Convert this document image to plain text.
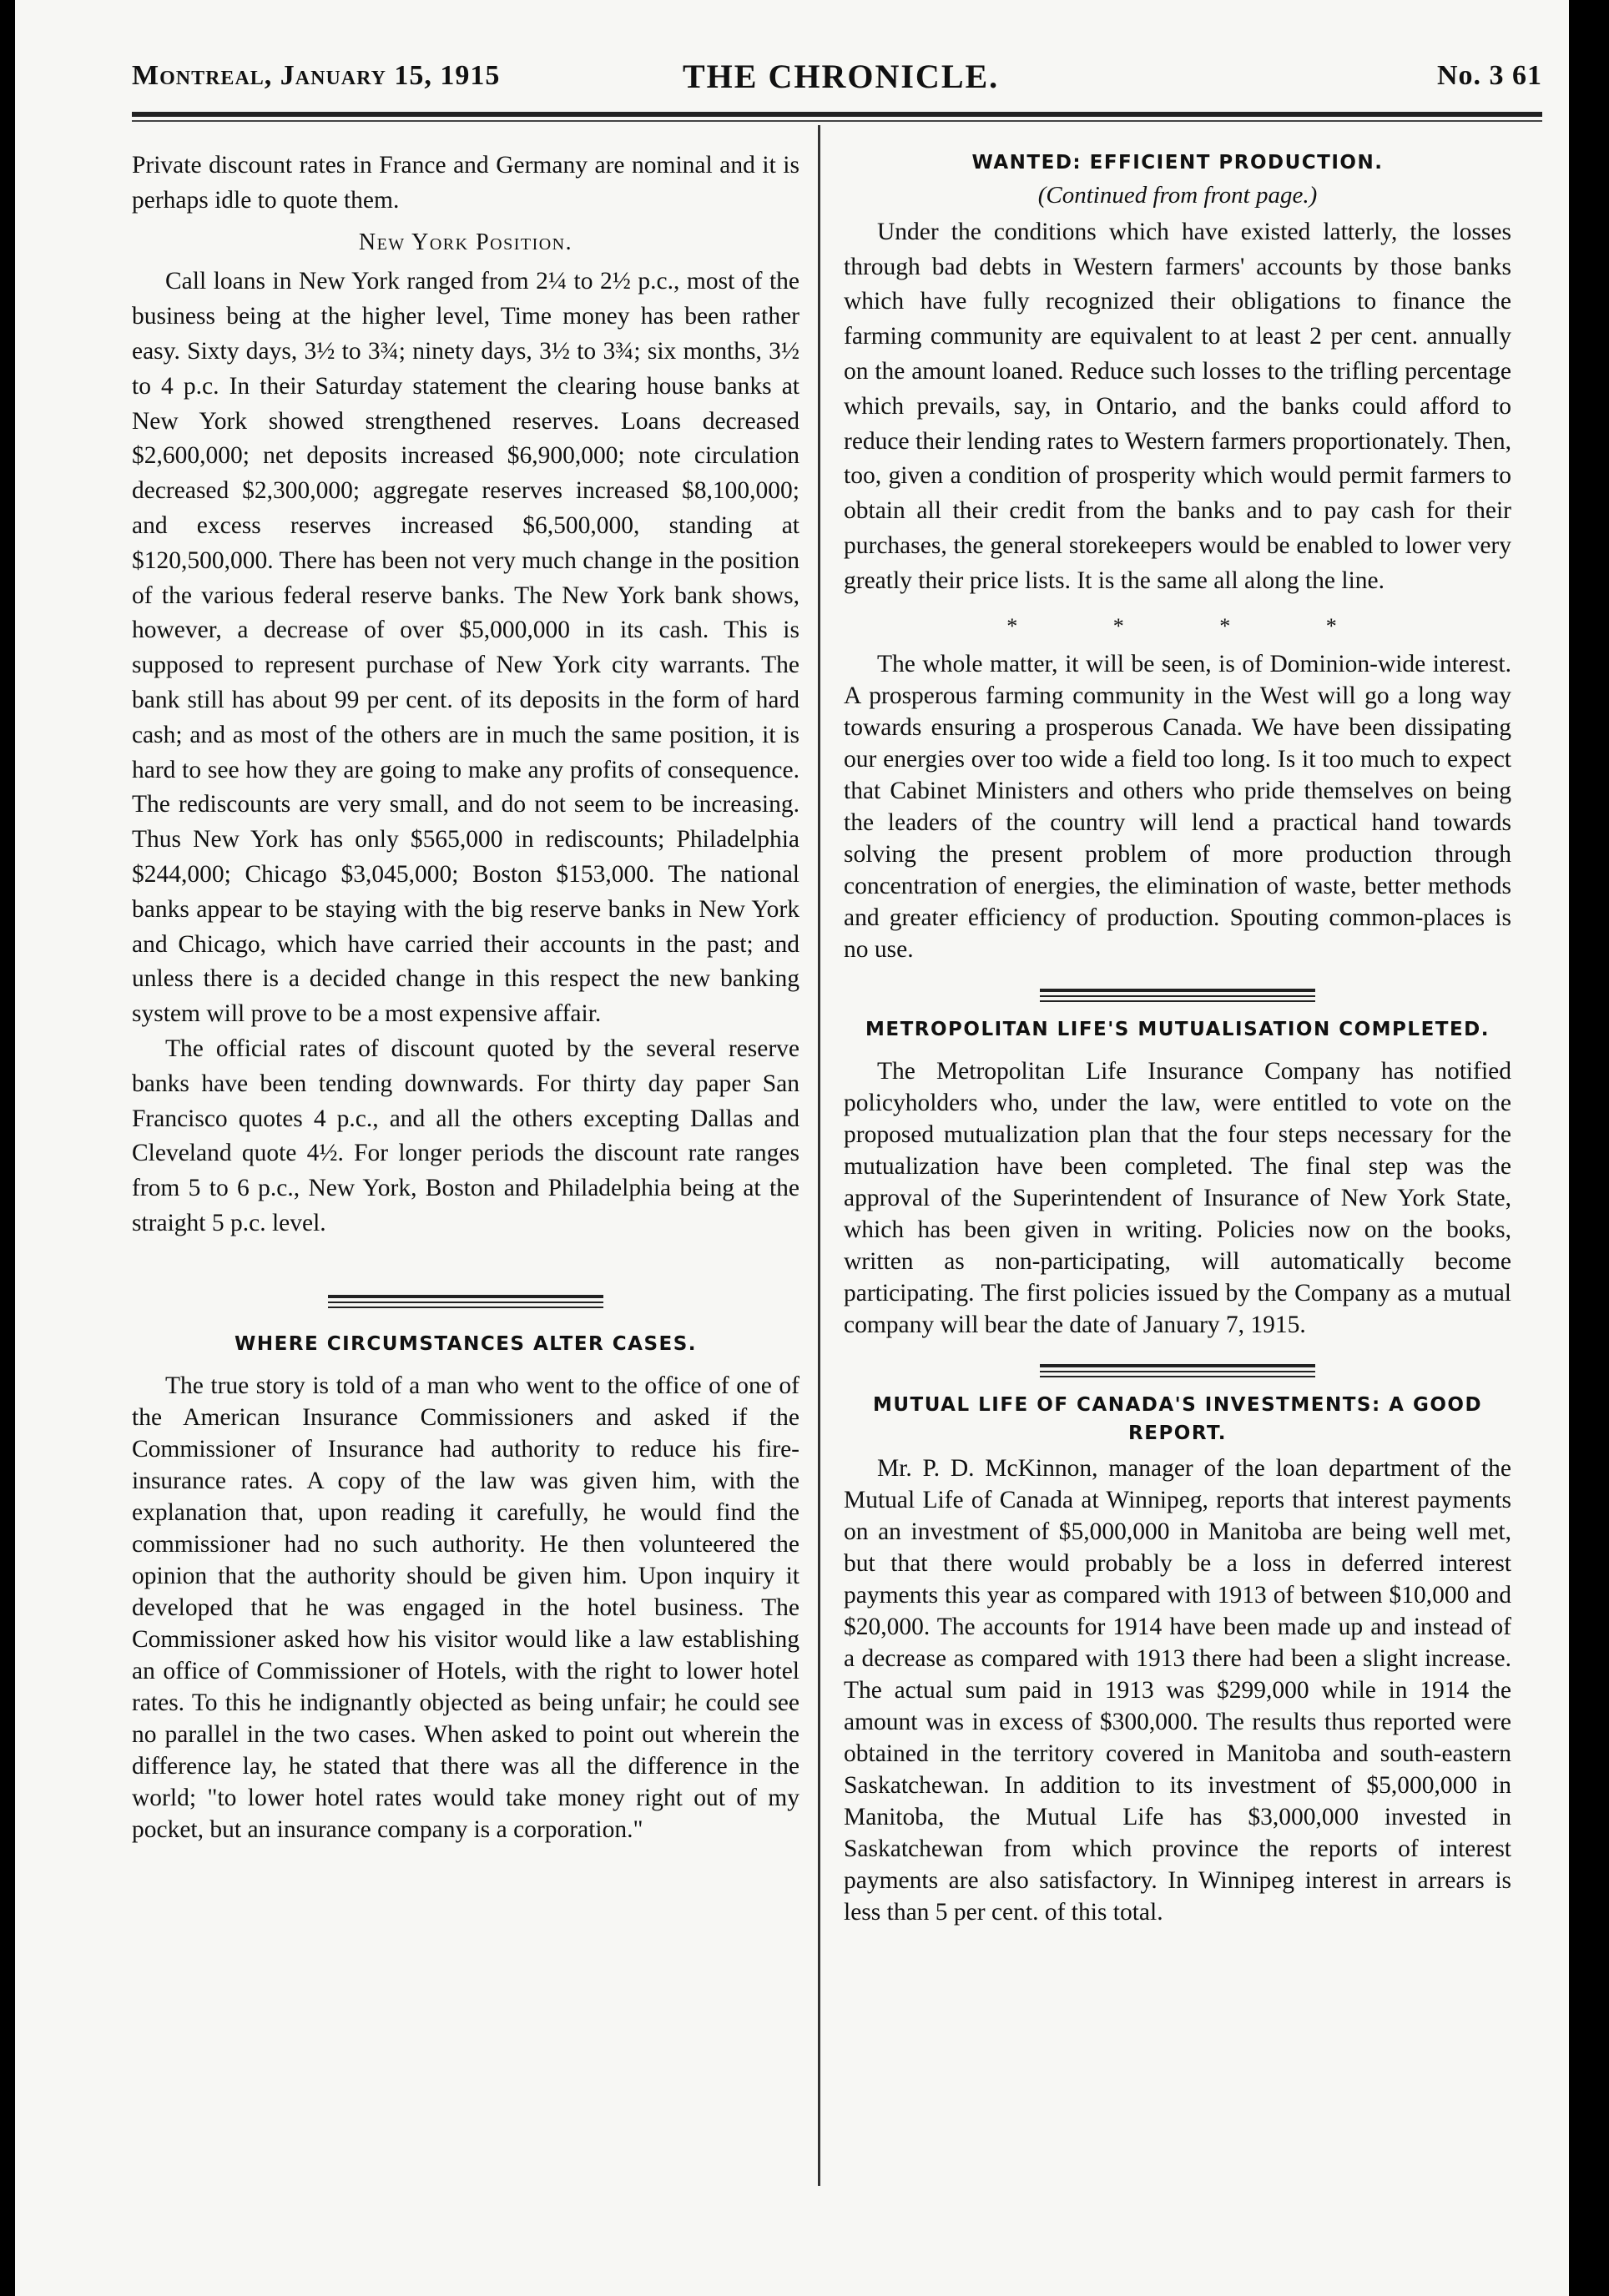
Montreal, January 15, 1915	THE CHRONICLE.	No. 3 61

Private discount rates in France and Germany are nominal and it is perhaps idle to quote them.

New York Position.

Call loans in New York ranged from 2¼ to 2½ p.c., most of the business being at the higher level, Time money has been rather easy. Sixty days, 3½ to 3¾; ninety days, 3½ to 3¾; six months, 3½ to 4 p.c. In their Saturday statement the clearing house banks at New York showed strengthened reserves. Loans decreased $2,600,000; net deposits increased $6,900,000; note circulation decreased $2,300,000; aggregate reserves increased $8,100,000; and excess reserves increased $6,500,000, standing at $120,500,000. There has been not very much change in the position of the various federal reserve banks. The New York bank shows, however, a decrease of over $5,000,000 in its cash. This is supposed to represent purchase of New York city warrants. The bank still has about 99 per cent. of its deposits in the form of hard cash; and as most of the others are in much the same position, it is hard to see how they are going to make any profits of consequence. The rediscounts are very small, and do not seem to be increasing. Thus New York has only $565,000 in rediscounts; Philadelphia $244,000; Chicago $3,045,000; Boston $153,000. The national banks appear to be staying with the big reserve banks in New York and Chicago, which have carried their accounts in the past; and unless there is a decided change in this respect the new banking system will prove to be a most expensive affair.

The official rates of discount quoted by the several reserve banks have been tending downwards. For thirty day paper San Francisco quotes 4 p.c., and all the others excepting Dallas and Cleveland quote 4½. For longer periods the discount rate ranges from 5 to 6 p.c., New York, Boston and Philadelphia being at the straight 5 p.c. level.

WHERE CIRCUMSTANCES ALTER CASES.

The true story is told of a man who went to the office of one of the American Insurance Commissioners and asked if the Commissioner of Insurance had authority to reduce his fire-insurance rates. A copy of the law was given him, with the explanation that, upon reading it carefully, he would find the commissioner had no such authority. He then volunteered the opinion that the authority should be given him. Upon inquiry it developed that he was engaged in the hotel business. The Commissioner asked how his visitor would like a law establishing an office of Commissioner of Hotels, with the right to lower hotel rates. To this he indignantly objected as being unfair; he could see no parallel in the two cases. When asked to point out wherein the difference lay, he stated that there was all the difference in the world; "to lower hotel rates would take money right out of my pocket, but an insurance company is a corporation."

WANTED: EFFICIENT PRODUCTION.
(Continued from front page.)

Under the conditions which have existed latterly, the losses through bad debts in Western farmers' accounts by those banks which have fully recognized their obligations to finance the farming community are equivalent to at least 2 per cent. annually on the amount loaned. Reduce such losses to the trifling percentage which prevails, say, in Ontario, and the banks could afford to reduce their lending rates to Western farmers proportionately. Then, too, given a condition of prosperity which would permit farmers to obtain all their credit from the banks and to pay cash for their purchases, the general storekeepers would be enabled to lower very greatly their price lists. It is the same all along the line.

* * * *

The whole matter, it will be seen, is of Dominion-wide interest. A prosperous farming community in the West will go a long way towards ensuring a prosperous Canada. We have been dissipating our energies over too wide a field too long. Is it too much to expect that Cabinet Ministers and others who pride themselves on being the leaders of the country will lend a practical hand towards solving the present problem of more production through concentration of energies, the elimination of waste, better methods and greater efficiency of production. Spouting common-places is no use.

METROPOLITAN LIFE'S MUTUALISATION COMPLETED.

The Metropolitan Life Insurance Company has notified policyholders who, under the law, were entitled to vote on the proposed mutualization plan that the four steps necessary for the mutualization have been completed. The final step was the approval of the Superintendent of Insurance of New York State, which has been given in writing. Policies now on the books, written as non-participating, will automatically become participating. The first policies issued by the Company as a mutual company will bear the date of January 7, 1915.

MUTUAL LIFE OF CANADA'S INVESTMENTS: A GOOD REPORT.

Mr. P. D. McKinnon, manager of the loan department of the Mutual Life of Canada at Winnipeg, reports that interest payments on an investment of $5,000,000 in Manitoba are being well met, but that there would probably be a loss in deferred interest payments this year as compared with 1913 of between $10,000 and $20,000. The accounts for 1914 have been made up and instead of a decrease as compared with 1913 there had been a slight increase. The actual sum paid in 1913 was $299,000 while in 1914 the amount was in excess of $300,000. The results thus reported were obtained in the territory covered in Manitoba and south-eastern Saskatchewan. In addition to its investment of $5,000,000 in Manitoba, the Mutual Life has $3,000,000 invested in Saskatchewan from which province the reports of interest payments are also satisfactory. In Winnipeg interest in arrears is less than 5 per cent. of this total.
